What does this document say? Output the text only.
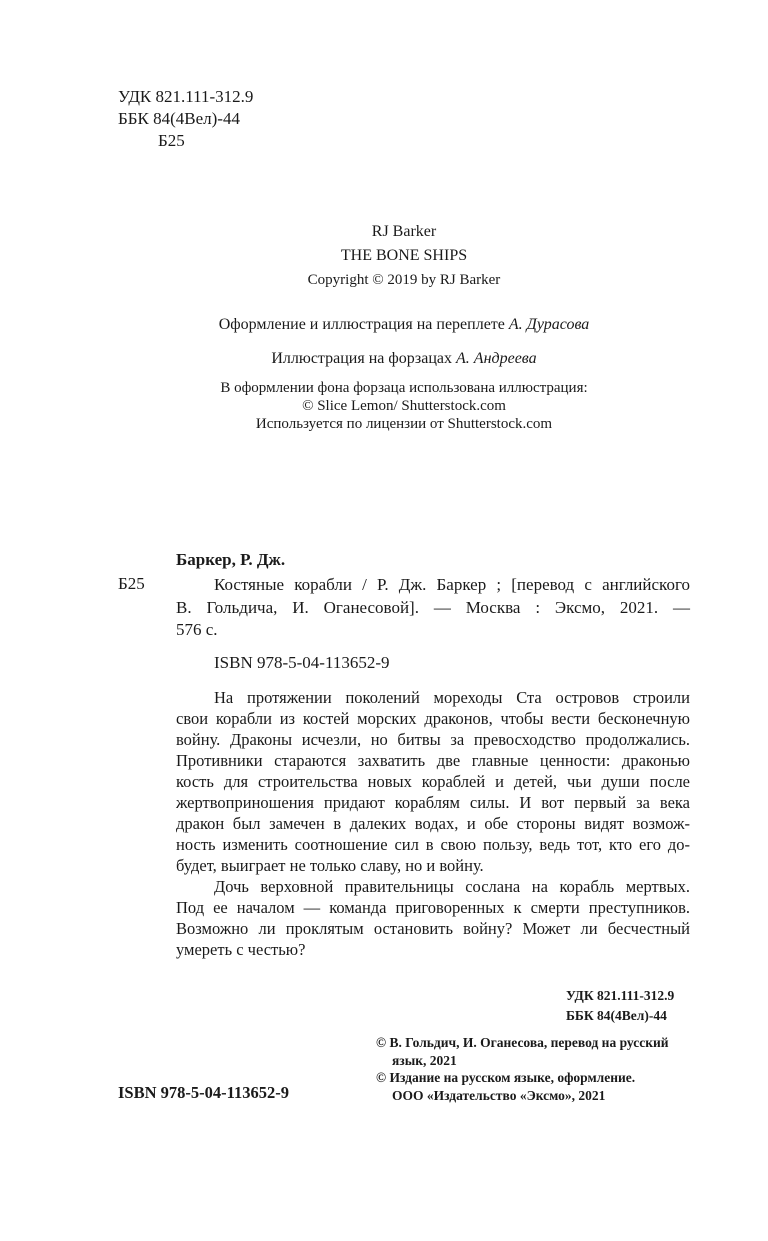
УДК 821.111-312.9
ББК 84(4Вел)-44
Б25
RJ Barker
THE BONE SHIPS
Copyright © 2019 by RJ Barker
Оформление и иллюстрация на переплете А. Дурасова
Иллюстрация на форзацах А. Андреева
В оформлении фона форзаца использована иллюстрация:
© Slice Lemon/ Shutterstock.com
Используется по лицензии от Shutterstock.com
Баркер, Р. Дж.
Б25	Костяные корабли / Р. Дж. Баркер ; [перевод с английского
В. Гольдича, И. Оганесовой]. — Москва : Эксмо, 2021. —
576 с.
ISBN 978-5-04-113652-9
На протяжении поколений мореходы Ста островов строили
свои корабли из костей морских драконов, чтобы вести бесконечную
войну. Драконы исчезли, но битвы за превосходство продолжались.
Противники стараются захватить две главные ценности: драконью
кость для строительства новых кораблей и детей, чьи души после
жертвоприношения придают кораблям силы. И вот первый за века
дракон был замечен в далеких водах, и обе стороны видят возмож-
ность изменить соотношение сил в свою пользу, ведь тот, кто его до-
будет, выиграет не только славу, но и войну.
Дочь верховной правительницы сослана на корабль мертвых.
Под ее началом — команда приговоренных к смерти преступников.
Возможно ли проклятым остановить войну? Может ли бесчестный
умереть с честью?
УДК 821.111-312.9
ББК 84(4Вел)-44
ISBN 978-5-04-113652-9
© В. Гольдич, И. Оганесова, перевод на русский
язык, 2021
© Издание на русском языке, оформление.
ООО «Издательство «Эксмо», 2021
